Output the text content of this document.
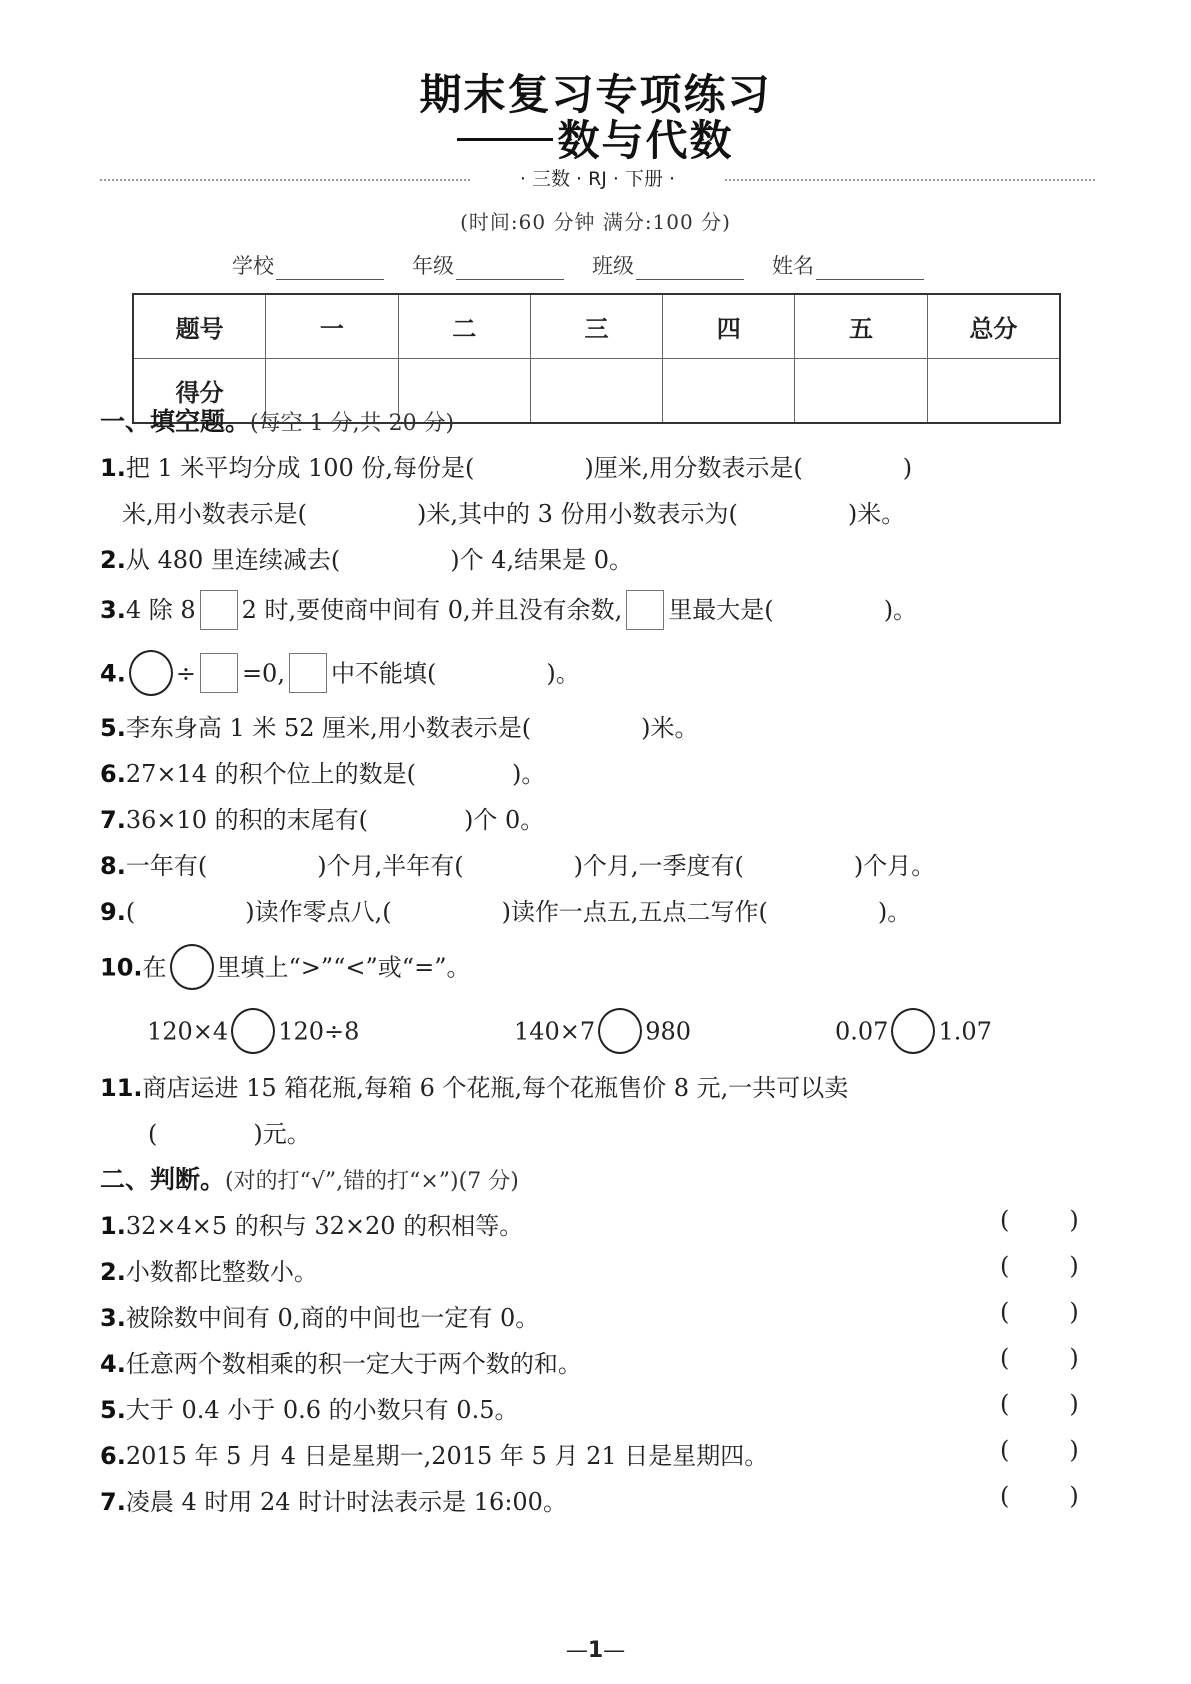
期末复习专项练习
数与代数
· 三数 · RJ · 下册 ·
(时间:60 分钟 满分:100 分)
学校	年级	班级	姓名
题号	一	二	三	四	五	总分
得分						
一、填空题。(每空 1 分,共 20 分)
1.把 1 米平均分成 100 份,每份是(	)厘米,用分数表示是(	)
米,用小数表示是(	)米,其中的 3 份用小数表示为(	)米。
2.从 480 里连续减去(	)个 4,结果是 0。
3.4 除 8 2 时,要使商中间有 0,并且没有余数, 里最大是(	)。
4. ÷ =0, 中不能填(	)。
5.李东身高 1 米 52 厘米,用小数表示是(	)米。
6.27×14 的积个位上的数是(	)。
7.36×10 的积的末尾有(	)个 0。
8.一年有(	)个月,半年有(	)个月,一季度有(	)个月。
9.(	)读作零点八,(	)读作一点五,五点二写作(	)。
10.在 里填上“>”“<”或“=”。
120×4 120÷8	140×7 980	0.07 1.07
11.商店运进 15 箱花瓶,每箱 6 个花瓶,每个花瓶售价 8 元,一共可以卖
(	)元。
二、判断。(对的打“√”,错的打“×”)(7 分)
1.32×4×5 的积与 32×20 的积相等。	(	)
2.小数都比整数小。	(	)
3.被除数中间有 0,商的中间也一定有 0。	(	)
4.任意两个数相乘的积一定大于两个数的和。	(	)
5.大于 0.4 小于 0.6 的小数只有 0.5。	(	)
6.2015 年 5 月 4 日是星期一,2015 年 5 月 21 日是星期四。	(	)
7.凌晨 4 时用 24 时计时法表示是 16:00。	(	)
—1—
